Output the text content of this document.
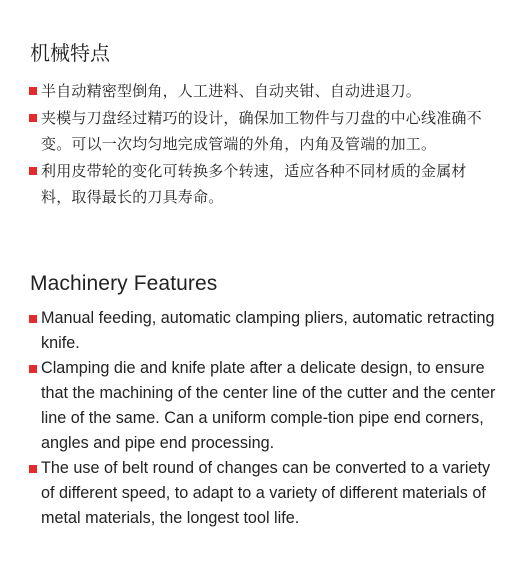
机械特点
半自动精密型倒角，人工进料、自动夹钳、自动进退刀。
夹模与刀盘经过精巧的设计，确保加工物件与刀盘的中心线准确不变。可以一次均匀地完成管端的外角，内角及管端的加工。
利用皮带轮的变化可转换多个转速，适应各种不同材质的金属材料，取得最长的刀具寿命。
Machinery Features
Manual feeding, automatic clamping pliers, automatic retracting knife.
Clamping die and knife plate after a delicate design, to ensure that the machining of the center line of the cutter and the center line of the same. Can a uniform comple-tion pipe end corners, angles and pipe end processing.
The use of belt round of changes can be converted to a variety of different speed, to adapt to a variety of different materials of metal materials, the longest tool life.
